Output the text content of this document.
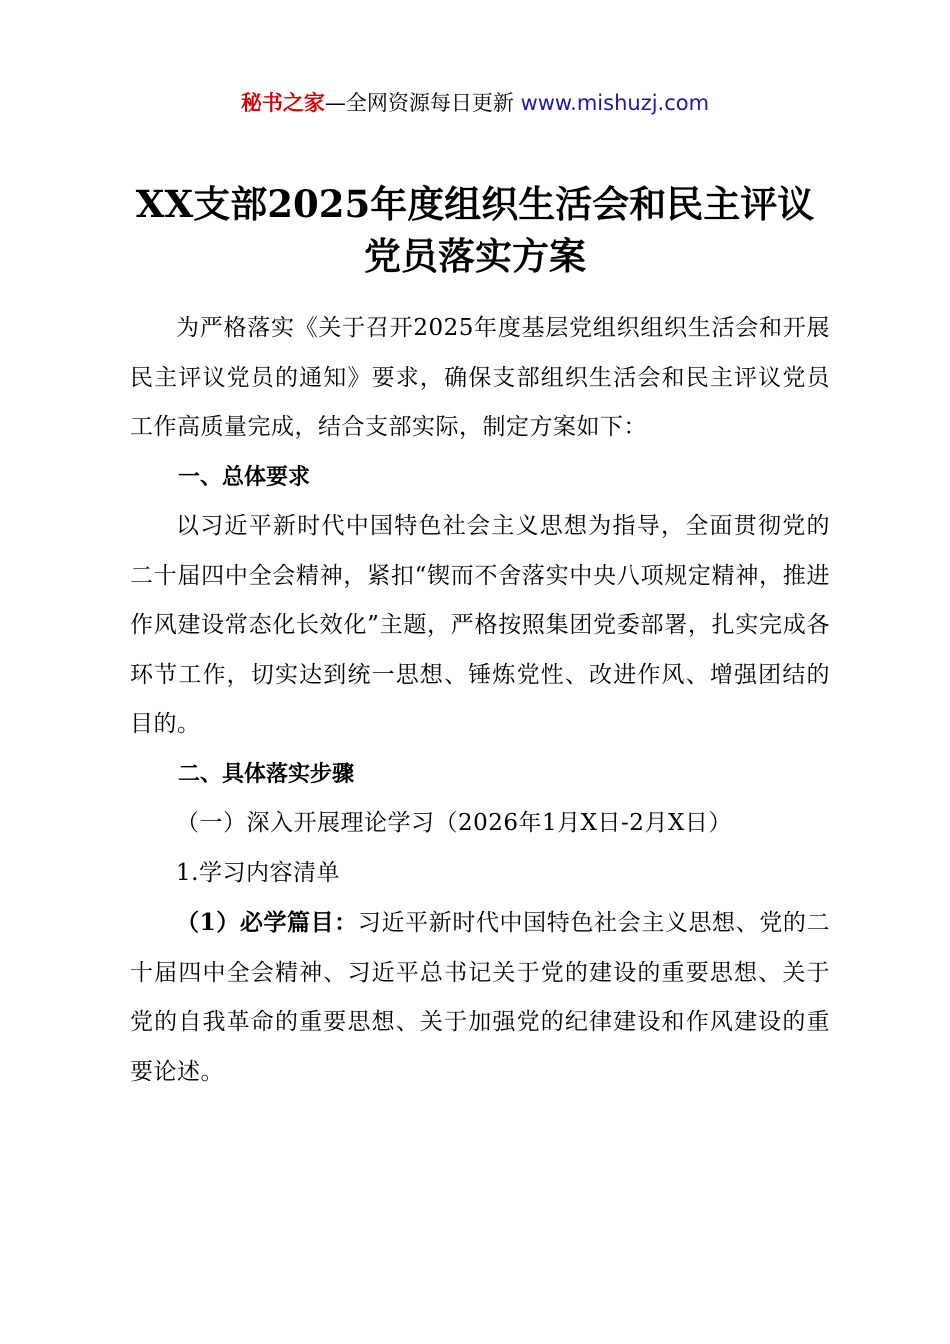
秘书之家—全网资源每日更新 www.mishuzj.com
XX支部2025年度组织生活会和民主评议
党员落实方案

为严格落实《关于召开2025年度基层党组织组织生活会和开展民主评议党员的通知》要求，确保支部组织生活会和民主评议党员工作高质量完成，结合支部实际，制定方案如下：

一、总体要求

以习近平新时代中国特色社会主义思想为指导，全面贯彻党的二十届四中全会精神，紧扣“锲而不舍落实中央八项规定精神，推进作风建设常态化长效化”主题，严格按照集团党委部署，扎实完成各环节工作，切实达到统一思想、锤炼党性、改进作风、增强团结的目的。

二、具体落实步骤

（一）深入开展理论学习（2026年1月X日-2月X日）

1.学习内容清单

（1）必学篇目：习近平新时代中国特色社会主义思想、党的二十届四中全会精神、习近平总书记关于党的建设的重要思想、关于党的自我革命的重要思想、关于加强党的纪律建设和作风建设的重要论述。
